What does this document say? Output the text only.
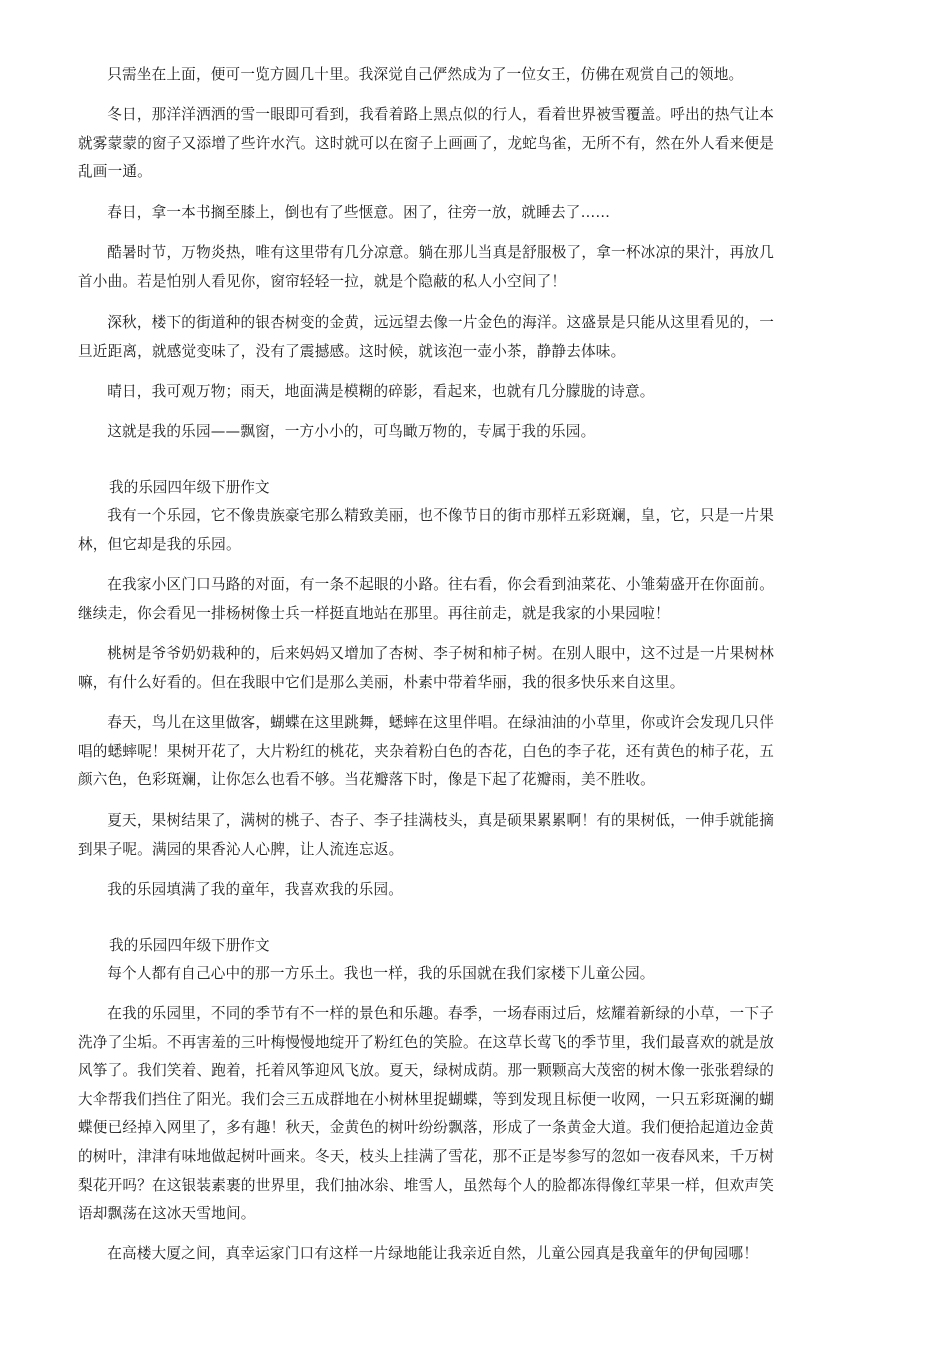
只需坐在上面，便可一览方圆几十里。我深觉自己俨然成为了一位女王，仿佛在观赏自己的领地。

冬日，那洋洋洒洒的雪一眼即可看到，我看着路上黑点似的行人，看着世界被雪覆盖。呼出的热气让本就雾蒙蒙的窗子又添增了些许水汽。这时就可以在窗子上画画了，龙蛇鸟雀，无所不有，然在外人看来便是乱画一通。

春日，拿一本书搁至膝上，倒也有了些惬意。困了，往旁一放，就睡去了……

酷暑时节，万物炎热，唯有这里带有几分凉意。躺在那儿当真是舒服极了，拿一杯冰凉的果汁，再放几首小曲。若是怕别人看见你，窗帘轻轻一拉，就是个隐蔽的私人小空间了！

深秋，楼下的街道种的银杏树变的金黄，远远望去像一片金色的海洋。这盛景是只能从这里看见的，一旦近距离，就感觉变味了，没有了震撼感。这时候，就该泡一壶小茶，静静去体味。

晴日，我可观万物；雨天，地面满是模糊的碎影，看起来，也就有几分朦胧的诗意。

这就是我的乐园——飘窗，一方小小的，可鸟瞰万物的，专属于我的乐园。

我的乐园四年级下册作文

我有一个乐园，它不像贵族豪宅那么精致美丽，也不像节日的街市那样五彩斑斓，皇，它，只是一片果林，但它却是我的乐园。

在我家小区门口马路的对面，有一条不起眼的小路。往右看，你会看到油菜花、小雏菊盛开在你面前。继续走，你会看见一排杨树像士兵一样挺直地站在那里。再往前走，就是我家的小果园啦！

桃树是爷爷奶奶栽种的，后来妈妈又增加了杏树、李子树和柿子树。在别人眼中，这不过是一片果树林嘛，有什么好看的。但在我眼中它们是那么美丽，朴素中带着华丽，我的很多快乐来自这里。

春天，鸟儿在这里做客，蝴蝶在这里跳舞，蟋蟀在这里伴唱。在绿油油的小草里，你或许会发现几只伴唱的蟋蟀呢！果树开花了，大片粉红的桃花，夹杂着粉白色的杏花，白色的李子花，还有黄色的柿子花，五颜六色，色彩斑斓，让你怎么也看不够。当花瓣落下时，像是下起了花瓣雨，美不胜收。

夏天，果树结果了，满树的桃子、杏子、李子挂满枝头，真是硕果累累啊！有的果树低，一伸手就能摘到果子呢。满园的果香沁人心脾，让人流连忘返。

我的乐园填满了我的童年，我喜欢我的乐园。

我的乐园四年级下册作文

每个人都有自己心中的那一方乐土。我也一样，我的乐国就在我们家楼下儿童公园。

在我的乐园里，不同的季节有不一样的景色和乐趣。春季，一场春雨过后，炫耀着新绿的小草，一下子洗净了尘垢。不再害羞的三叶梅慢慢地绽开了粉红色的笑脸。在这草长莺飞的季节里，我们最喜欢的就是放风筝了。我们笑着、跑着，托着风筝迎风飞放。夏天，绿树成荫。那一颗颗高大茂密的树木像一张张碧绿的大伞帮我们挡住了阳光。我们会三五成群地在小树林里捉蝴蝶，等到发现且标便一收网，一只五彩斑澜的蝴蝶便已经掉入网里了，多有趣！秋天，金黄色的树叶纷纷飘落，形成了一条黄金大道。我们便拾起道边金黄的树叶，津津有味地做起树叶画来。冬天，枝头上挂满了雪花，那不正是岑参写的忽如一夜春风来，千万树梨花开吗？在这银装素裹的世界里，我们抽冰尜、堆雪人，虽然每个人的脸都冻得像红苹果一样，但欢声笑语却飘荡在这冰天雪地间。

在高楼大厦之间，真幸运家门口有这样一片绿地能让我亲近自然，儿童公园真是我童年的伊甸园哪！
